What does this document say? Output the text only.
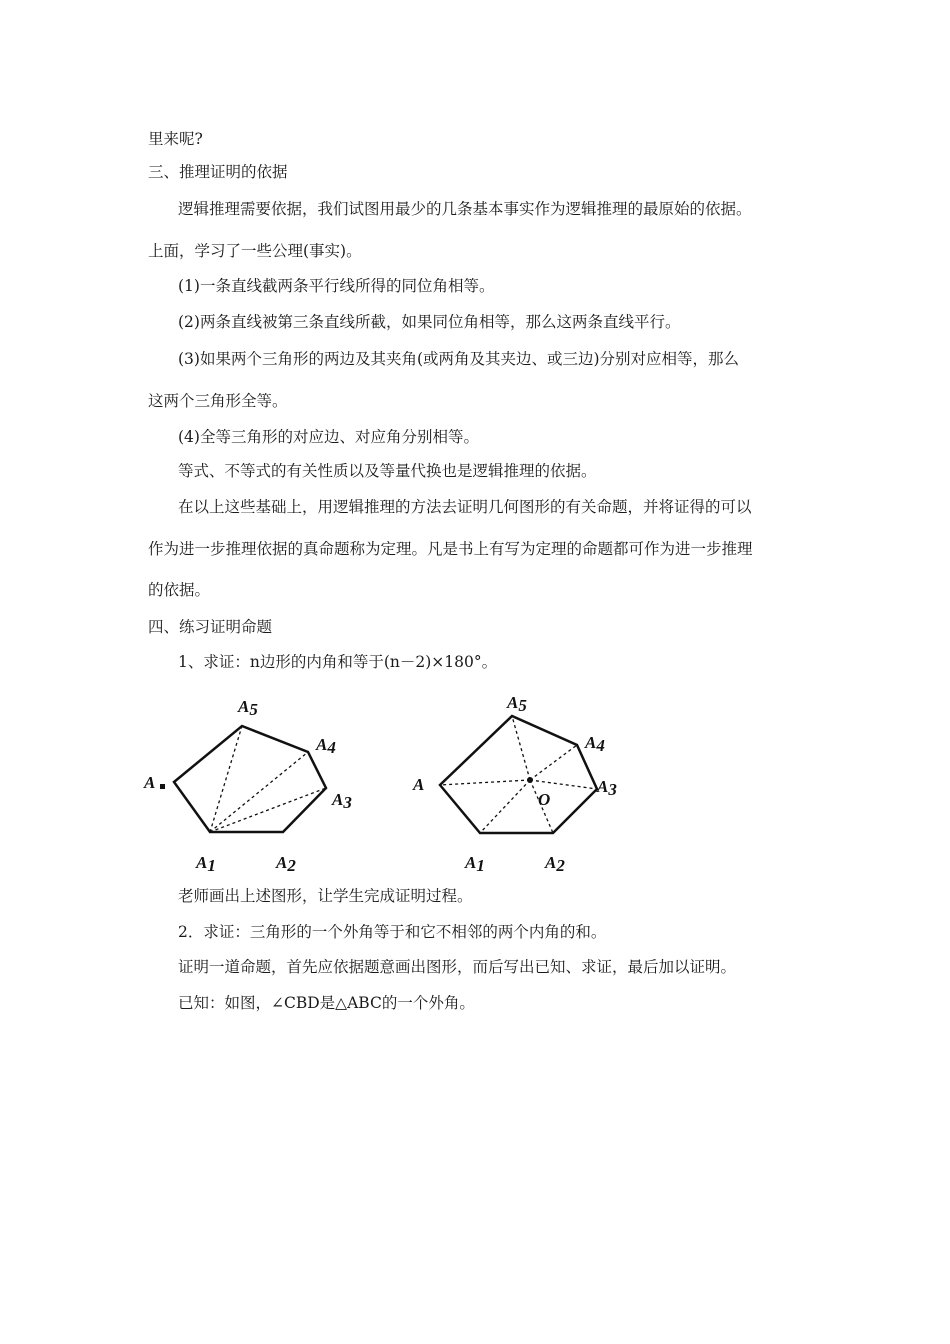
里来呢?
三、推理证明的依据
逻辑推理需要依据，我们试图用最少的几条基本事实作为逻辑推理的最原始的依据。
上面，学习了一些公理(事实)。
(1)一条直线截两条平行线所得的同位角相等。
(2)两条直线被第三条直线所截，如果同位角相等，那么这两条直线平行。
(3)如果两个三角形的两边及其夹角(或两角及其夹边、或三边)分别对应相等，那么
这两个三角形全等。
(4)全等三角形的对应边、对应角分别相等。
等式、不等式的有关性质以及等量代换也是逻辑推理的依据。
在以上这些基础上，用逻辑推理的方法去证明几何图形的有关命题，并将证得的可以
作为进一步推理依据的真命题称为定理。凡是书上有写为定理的命题都可作为进一步推理
的依据。
四、练习证明命题
1、求证：n边形的内角和等于(n－2)×180°。
A1	A2
A3
A4
A5
A
O
A1	A2
A3
A4
A5
A
老师画出上述图形，让学生完成证明过程。
2．求证：三角形的一个外角等于和它不相邻的两个内角的和。
证明一道命题，首先应依据题意画出图形，而后写出已知、求证，最后加以证明。
已知：如图，∠CBD是△ABC的一个外角。
